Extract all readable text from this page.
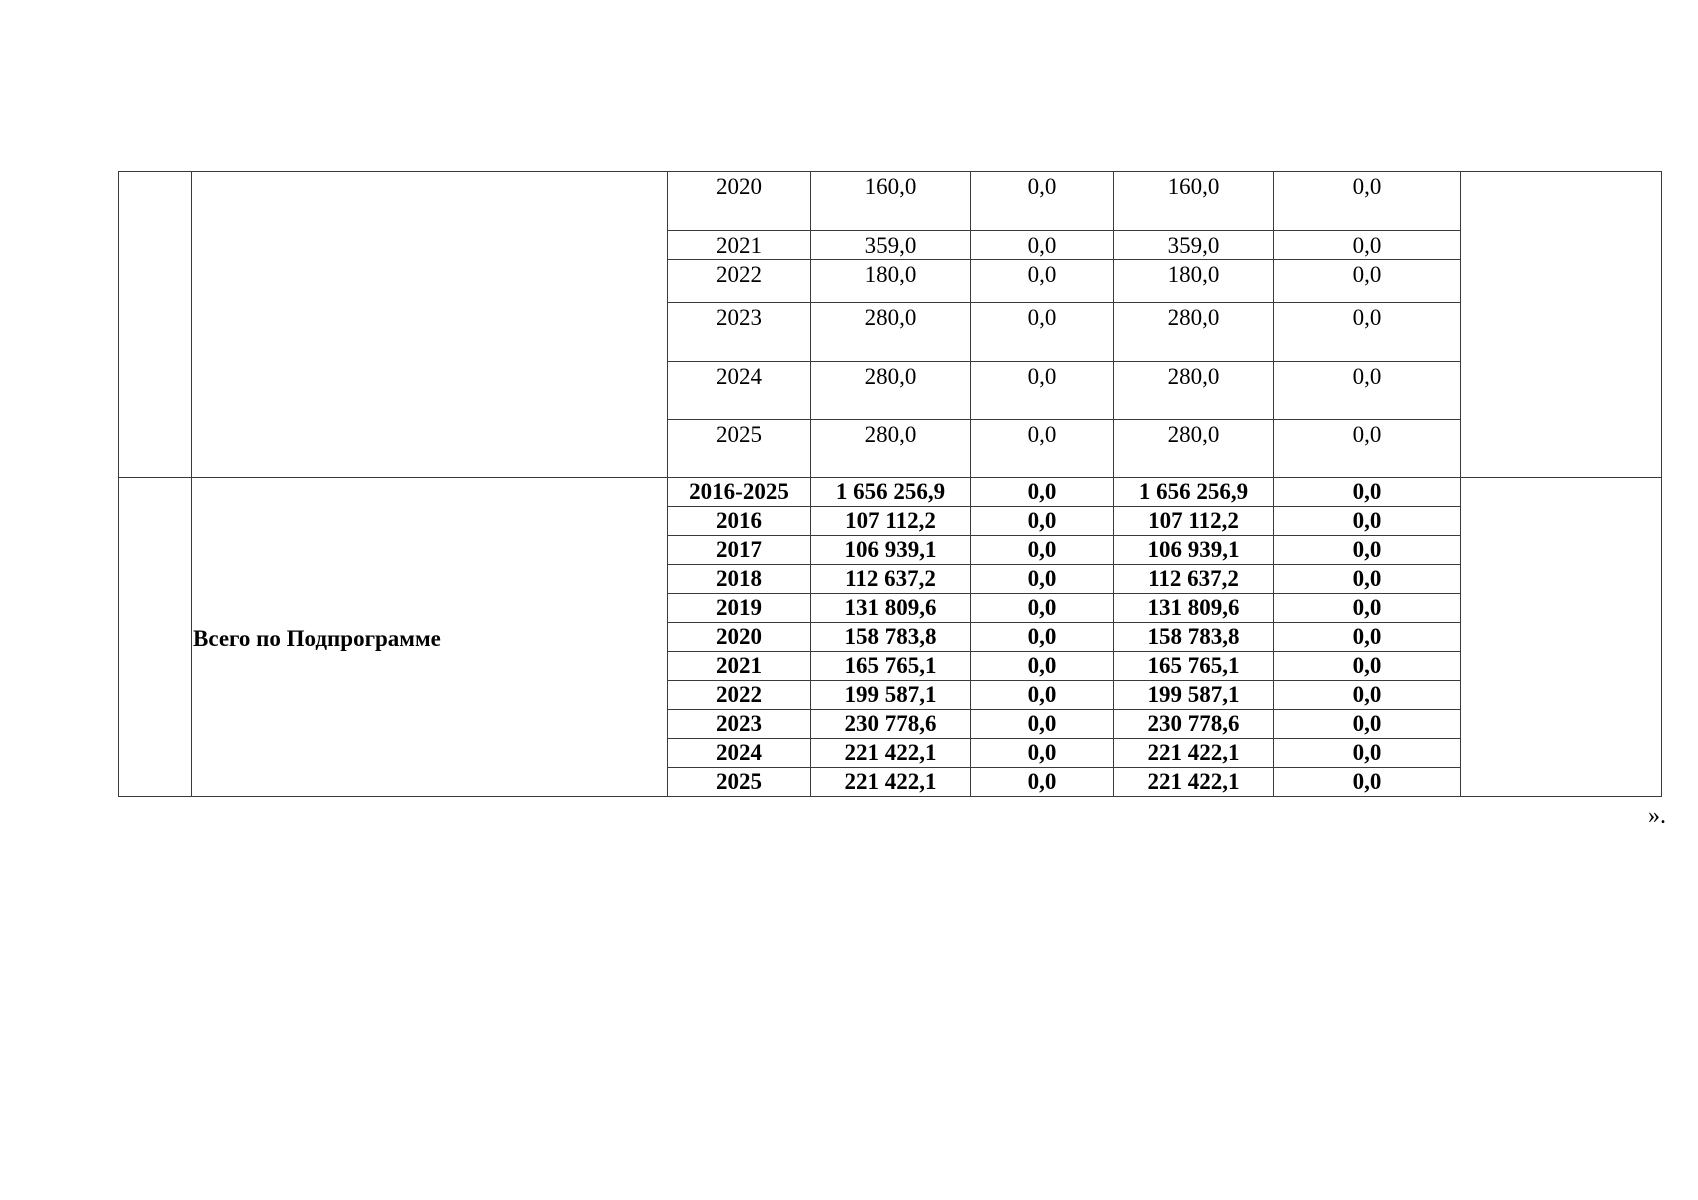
		2020	160,0	0,0	160,0	0,0	
		2021	359,0	0,0	359,0	0,0	
		2022	180,0	0,0	180,0	0,0	
		2023	280,0	0,0	280,0	0,0	
		2024	280,0	0,0	280,0	0,0	
		2025	280,0	0,0	280,0	0,0	
	Всего по Подпрограмме	2016-2025	1 656 256,9	0,0	1 656 256,9	0,0	
		2016	107 112,2	0,0	107 112,2	0,0	
		2017	106 939,1	0,0	106 939,1	0,0	
		2018	112 637,2	0,0	112 637,2	0,0	
		2019	131 809,6	0,0	131 809,6	0,0	
		2020	158 783,8	0,0	158 783,8	0,0	
		2021	165 765,1	0,0	165 765,1	0,0	
		2022	199 587,1	0,0	199 587,1	0,0	
		2023	230 778,6	0,0	230 778,6	0,0	
		2024	221 422,1	0,0	221 422,1	0,0	
		2025	221 422,1	0,0	221 422,1	0,0	
».
